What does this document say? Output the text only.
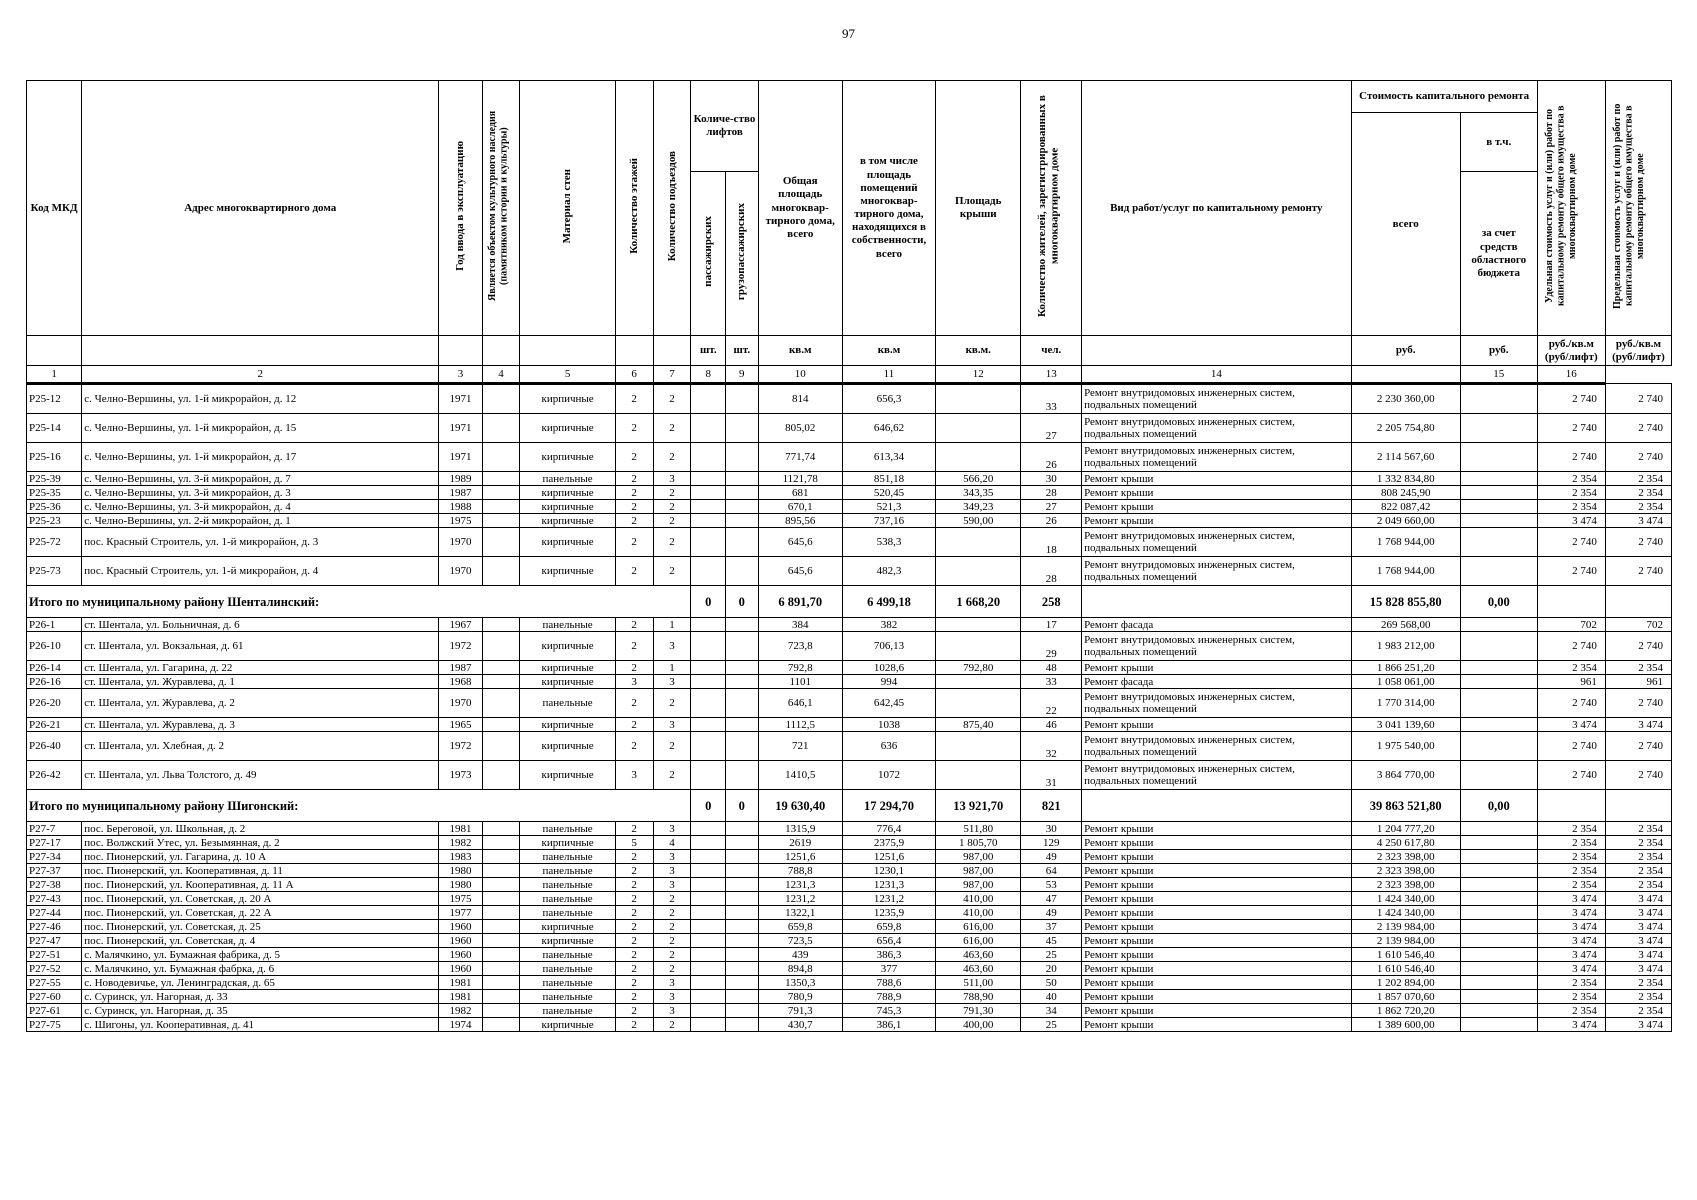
97
Код МКД	Адрес многоквартирного дома	Год ввода в эксплуатацию	Является объектом культурного наследия (памятником истории и культуры)	Материал стен	Количество этажей	Количество подъездов	Количе-ство лифтов		Общая площадь многоквар-тирного дома, всего	в том числе площадь помещений многоквар-тирного дома, находящихся в собственности, всего	Площадь крыши	Количество жителей, зарегистрированных в многоквартирном доме	Вид работ/услуг по капитальному ремонту	Стоимость капитального ремонта		Удельная стоимость услуг и (или) работ по капитальному ремонту общего имущества в многоквартирном доме	Предельная стоимость услуг и (или) работ по капитальному ремонту общего имущества в многоквартирном доме
														всего	в т.ч.		
							пассажирских	грузопассажирских							за счет средств областного бюджета		
							шт.	шт.	кв.м	кв.м	кв.м.	чел.		руб.	руб.	руб./кв.м (руб/лифт)	руб./кв.м (руб/лифт)
1	2	3	4	5	6	7	8	9	10	11	12	13	14		15	16	
Р25-12	с. Челно-Вершины, ул. 1-й микрорайон, д. 12	1971		кирпичные	2	2			814	656,3		33	Ремонт внутридомовых инженерных систем, подвальных помещений	2 230 360,00		2 740	2 740
Р25-14	с. Челно-Вершины, ул. 1-й микрорайон, д. 15	1971		кирпичные	2	2			805,02	646,62		27	Ремонт внутридомовых инженерных систем, подвальных помещений	2 205 754,80		2 740	2 740
Р25-16	с. Челно-Вершины, ул. 1-й микрорайон, д. 17	1971		кирпичные	2	2			771,74	613,34		26	Ремонт внутридомовых инженерных систем, подвальных помещений	2 114 567,60		2 740	2 740
Р25-39	с. Челно-Вершины, ул. 3-й микрорайон, д. 7	1989		панельные	2	3			1121,78	851,18	566,20	30	Ремонт крыши	1 332 834,80		2 354	2 354
Р25-35	с. Челно-Вершины, ул. 3-й микрорайон, д. 3	1987		кирпичные	2	2			681	520,45	343,35	28	Ремонт крыши	808 245,90		2 354	2 354
Р25-36	с. Челно-Вершины, ул. 3-й микрорайон, д. 4	1988		кирпичные	2	2			670,1	521,3	349,23	27	Ремонт крыши	822 087,42		2 354	2 354
Р25-23	с. Челно-Вершины, ул. 2-й микрорайон, д. 1	1975		кирпичные	2	2			895,56	737,16	590,00	26	Ремонт крыши	2 049 660,00		3 474	3 474
Р25-72	пос. Красный Строитель, ул. 1-й микрорайон, д. 3	1970		кирпичные	2	2			645,6	538,3		18	Ремонт внутридомовых инженерных систем, подвальных помещений	1 768 944,00		2 740	2 740
Р25-73	пос. Красный Строитель, ул. 1-й микрорайон, д. 4	1970		кирпичные	2	2			645,6	482,3		28	Ремонт внутридомовых инженерных систем, подвальных помещений	1 768 944,00		2 740	2 740
Итого по муниципальному району Шенталинский:							0	0	6 891,70	6 499,18	1 668,20	258		15 828 855,80	0,00		
Р26-1	ст. Шентала, ул. Больничная, д. 6	1967		панельные	2	1			384	382		17	Ремонт фасада	269 568,00		702	702
Р26-10	ст. Шентала, ул. Вокзальная, д. 61	1972		кирпичные	2	3			723,8	706,13		29	Ремонт внутридомовых инженерных систем, подвальных помещений	1 983 212,00		2 740	2 740
Р26-14	ст. Шентала, ул. Гагарина, д. 22	1987		кирпичные	2	1			792,8	1028,6	792,80	48	Ремонт крыши	1 866 251,20		2 354	2 354
Р26-16	ст. Шентала, ул. Журавлева, д. 1	1968		кирпичные	3	3			1101	994		33	Ремонт фасада	1 058 061,00		961	961
Р26-20	ст. Шентала, ул. Журавлева, д. 2	1970		панельные	2	2			646,1	642,45		22	Ремонт внутридомовых инженерных систем, подвальных помещений	1 770 314,00		2 740	2 740
Р26-21	ст. Шентала, ул. Журавлева, д. 3	1965		кирпичные	2	3			1112,5	1038	875,40	46	Ремонт крыши	3 041 139,60		3 474	3 474
Р26-40	ст. Шентала, ул. Хлебная, д. 2	1972		кирпичные	2	2			721	636		32	Ремонт внутридомовых инженерных систем, подвальных помещений	1 975 540,00		2 740	2 740
Р26-42	ст. Шентала, ул. Льва Толстого, д. 49	1973		кирпичные	3	2			1410,5	1072		31	Ремонт внутридомовых инженерных систем, подвальных помещений	3 864 770,00		2 740	2 740
Итого по муниципальному району Шигонский:							0	0	19 630,40	17 294,70	13 921,70	821		39 863 521,80	0,00		
Р27-7	пос. Береговой, ул. Школьная, д. 2	1981		панельные	2	3			1315,9	776,4	511,80	30	Ремонт крыши	1 204 777,20		2 354	2 354
Р27-17	пос. Волжский Утес, ул. Безымянная, д. 2	1982		кирпичные	5	4			2619	2375,9	1 805,70	129	Ремонт крыши	4 250 617,80		2 354	2 354
Р27-34	пос. Пионерский, ул. Гагарина, д. 10 А	1983		панельные	2	3			1251,6	1251,6	987,00	49	Ремонт крыши	2 323 398,00		2 354	2 354
Р27-37	пос. Пионерский, ул. Кооперативная, д. 11	1980		панельные	2	3			788,8	1230,1	987,00	64	Ремонт крыши	2 323 398,00		2 354	2 354
Р27-38	пос. Пионерский, ул. Кооперативная, д. 11 А	1980		панельные	2	3			1231,3	1231,3	987,00	53	Ремонт крыши	2 323 398,00		2 354	2 354
Р27-43	пос. Пионерский, ул. Советская, д. 20 А	1975		панельные	2	2			1231,2	1231,2	410,00	47	Ремонт крыши	1 424 340,00		3 474	3 474
Р27-44	пос. Пионерский, ул. Советская, д. 22 А	1977		панельные	2	2			1322,1	1235,9	410,00	49	Ремонт крыши	1 424 340,00		3 474	3 474
Р27-46	пос. Пионерский, ул. Советская, д. 25	1960		кирпичные	2	2			659,8	659,8	616,00	37	Ремонт крыши	2 139 984,00		3 474	3 474
Р27-47	пос. Пионерский, ул. Советская, д. 4	1960		кирпичные	2	2			723,5	656,4	616,00	45	Ремонт крыши	2 139 984,00		3 474	3 474
Р27-51	с. Малячкино, ул. Бумажная фабрика, д. 5	1960		панельные	2	2			439	386,3	463,60	25	Ремонт крыши	1 610 546,40		3 474	3 474
Р27-52	с. Малячкино, ул. Бумажная фабрка, д. 6	1960		панельные	2	2			894,8	377	463,60	20	Ремонт крыши	1 610 546,40		3 474	3 474
Р27-55	с. Новодевичье, ул. Ленинградская, д. 65	1981		панельные	2	3			1350,3	788,6	511,00	50	Ремонт крыши	1 202 894,00		2 354	2 354
Р27-60	с. Суринск, ул. Нагорная, д. 33	1981		панельные	2	3			780,9	788,9	788,90	40	Ремонт крыши	1 857 070,60		2 354	2 354
Р27-61	с. Суринск, ул. Нагорная, д. 35	1982		панельные	2	3			791,3	745,3	791,30	34	Ремонт крыши	1 862 720,20		2 354	2 354
Р27-75	с. Шигоны, ул. Кооперативная, д. 41	1974		кирпичные	2	2			430,7	386,1	400,00	25	Ремонт крыши	1 389 600,00		3 474	3 474
